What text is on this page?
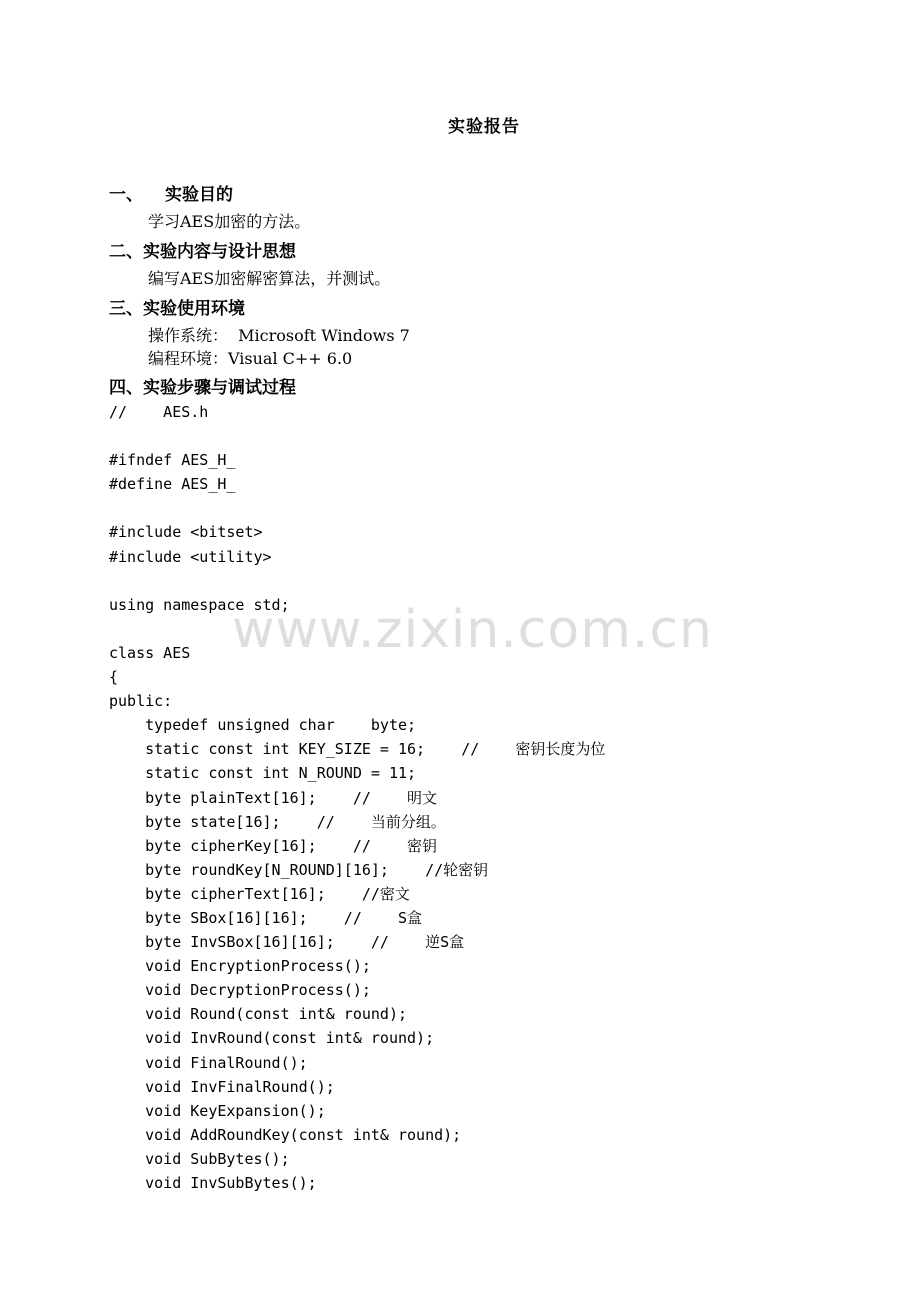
实验报告
一、 实验目的
学习AES加密的方法。
二、实验内容与设计思想
编写AES加密解密算法，并测试。
三、实验使用环境
操作系统：  Microsoft Windows 7
编程环境：Visual C++ 6.0
四、实验步骤与调试过程
//    AES.h
#ifndef AES_H_
#define AES_H_
#include <bitset>
#include <utility>
using namespace std;
class AES
{
public:
typedef unsigned char    byte;
static const int KEY_SIZE = 16;    //    密钥长度为位
static const int N_ROUND = 11;
byte plainText[16];    //    明文
byte state[16];    //    当前分组。
byte cipherKey[16];    //    密钥
byte roundKey[N_ROUND][16];    //轮密钥
byte cipherText[16];    //密文
byte SBox[16][16];    //    S盒
byte InvSBox[16][16];    //    逆S盒
void EncryptionProcess();
void DecryptionProcess();
void Round(const int& round);
void InvRound(const int& round);
void FinalRound();
void InvFinalRound();
void KeyExpansion();
void AddRoundKey(const int& round);
void SubBytes();
void InvSubBytes();
www.zixin.com.cn
